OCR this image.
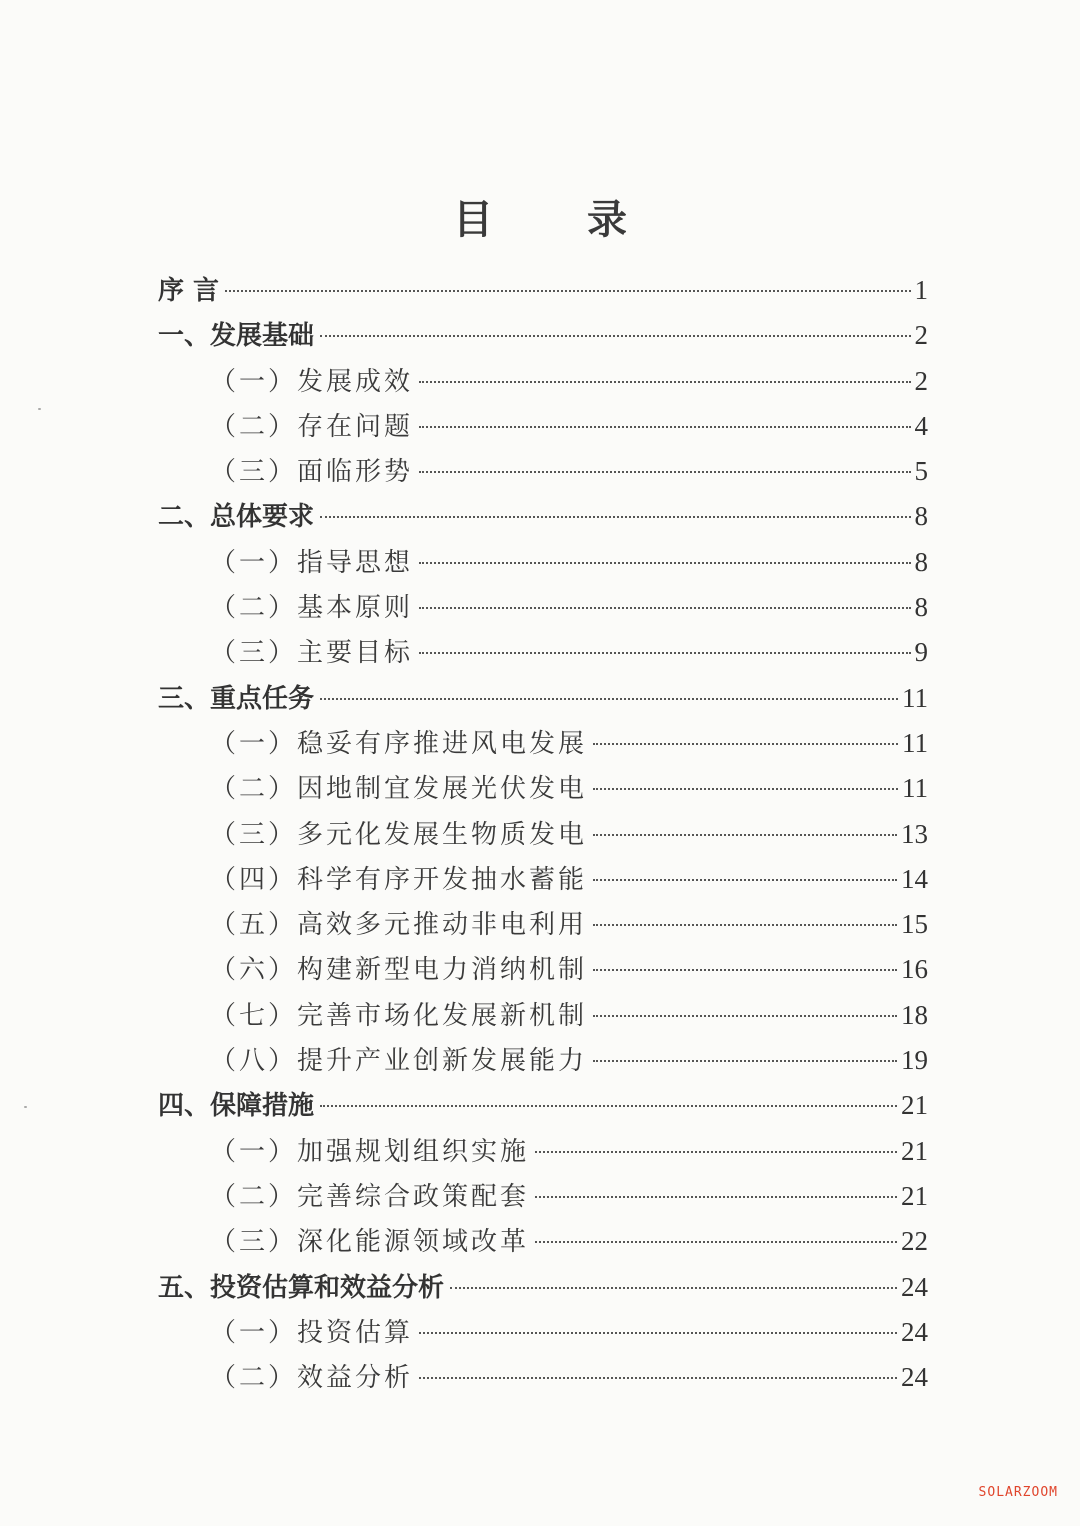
目 录
序 言	1
一、发展基础	2
（一）发展成效	2
（二）存在问题	4
（三）面临形势	5
二、总体要求	8
（一）指导思想	8
（二）基本原则	8
（三）主要目标	9
三、重点任务	11
（一）稳妥有序推进风电发展	11
（二）因地制宜发展光伏发电	11
（三）多元化发展生物质发电	13
（四）科学有序开发抽水蓄能	14
（五）高效多元推动非电利用	15
（六）构建新型电力消纳机制	16
（七）完善市场化发展新机制	18
（八）提升产业创新发展能力	19
四、保障措施	21
（一）加强规划组织实施	21
（二）完善综合政策配套	21
（三）深化能源领域改革	22
五、投资估算和效益分析	24
（一）投资估算	24
（二）效益分析	24
SOLARZOOM
